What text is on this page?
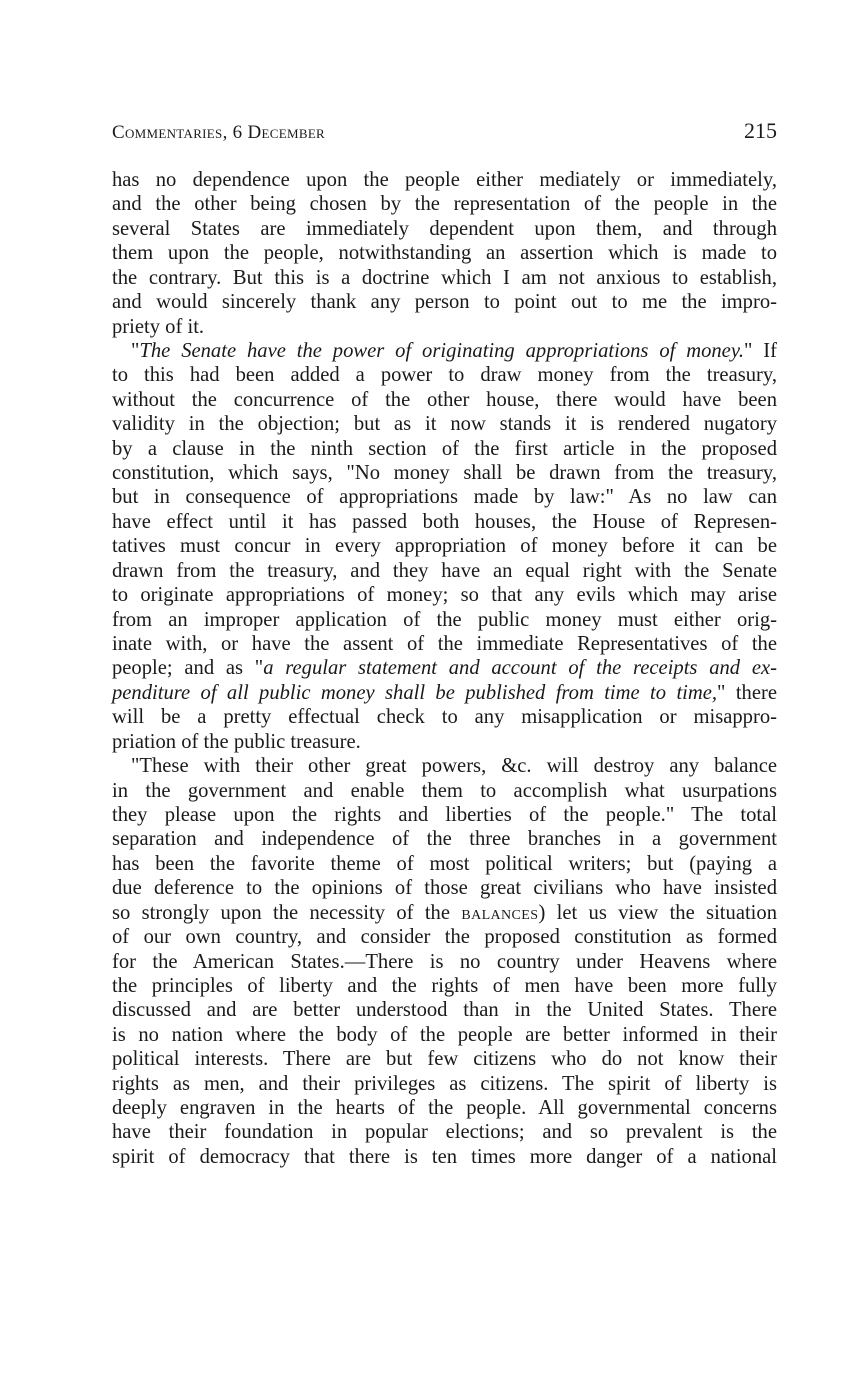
Commentaries, 6 December	215
has no dependence upon the people either mediately or immediately,
and the other being chosen by the representation of the people in the
several States are immediately dependent upon them, and through
them upon the people, notwithstanding an assertion which is made to
the contrary. But this is a doctrine which I am not anxious to establish,
and would sincerely thank any person to point out to me the impro-
priety of it.
"The Senate have the power of originating appropriations of money." If
to this had been added a power to draw money from the treasury,
without the concurrence of the other house, there would have been
validity in the objection; but as it now stands it is rendered nugatory
by a clause in the ninth section of the first article in the proposed
constitution, which says, "No money shall be drawn from the treasury,
but in consequence of appropriations made by law:" As no law can
have effect until it has passed both houses, the House of Represen-
tatives must concur in every appropriation of money before it can be
drawn from the treasury, and they have an equal right with the Senate
to originate appropriations of money; so that any evils which may arise
from an improper application of the public money must either orig-
inate with, or have the assent of the immediate Representatives of the
people; and as "a regular statement and account of the receipts and ex-
penditure of all public money shall be published from time to time," there
will be a pretty effectual check to any misapplication or misappro-
priation of the public treasure.
"These with their other great powers, &c. will destroy any balance
in the government and enable them to accomplish what usurpations
they please upon the rights and liberties of the people." The total
separation and independence of the three branches in a government
has been the favorite theme of most political writers; but (paying a
due deference to the opinions of those great civilians who have insisted
so strongly upon the necessity of the balances) let us view the situation
of our own country, and consider the proposed constitution as formed
for the American States.—There is no country under Heavens where
the principles of liberty and the rights of men have been more fully
discussed and are better understood than in the United States. There
is no nation where the body of the people are better informed in their
political interests. There are but few citizens who do not know their
rights as men, and their privileges as citizens. The spirit of liberty is
deeply engraven in the hearts of the people. All governmental concerns
have their foundation in popular elections; and so prevalent is the
spirit of democracy that there is ten times more danger of a national
